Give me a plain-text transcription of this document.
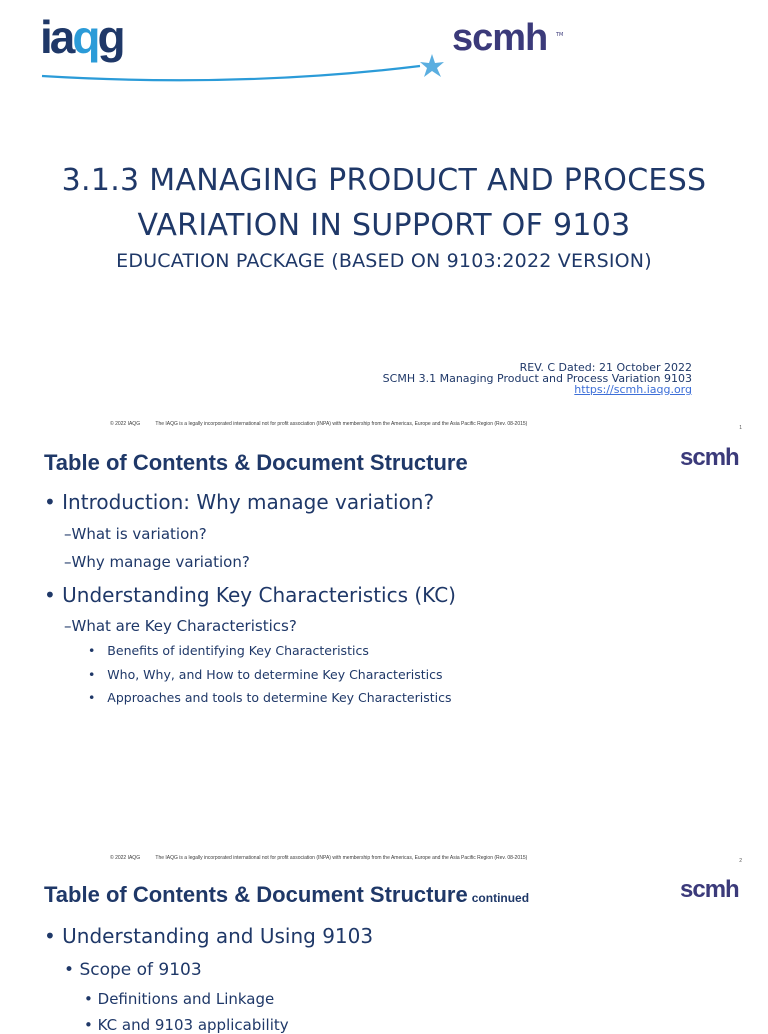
iaqg	scmh TM
3.1.3 MANAGING PRODUCT AND PROCESS
VARIATION IN SUPPORT OF 9103
EDUCATION PACKAGE (BASED ON 9103:2022 VERSION)
REV. C Dated: 21 October 2022
SCMH 3.1 Managing Product and Process Variation 9103
https://scmh.iaqg.org
© 2022 IAQG	The IAQG is a legally incorporated international not for profit association (INPA) with membership from the Americas, Europe and the Asia Pacific Region (Rev. 08-2015)
1
Table of Contents & Document Structure	scmh
• Introduction: Why manage variation?
–What is variation?
–Why manage variation?
• Understanding Key Characteristics (KC)
–What are Key Characteristics?
• Benefits of identifying Key Characteristics
• Who, Why, and How to determine Key Characteristics
• Approaches and tools to determine Key Characteristics
© 2022 IAQG	The IAQG is a legally incorporated international not for profit association (INPA) with membership from the Americas, Europe and the Asia Pacific Region (Rev. 08-2015)	2
Table of Contents & Document Structure continued	scmh
• Understanding and Using 9103
• Scope of 9103
• Definitions and Linkage
• KC and 9103 applicability
